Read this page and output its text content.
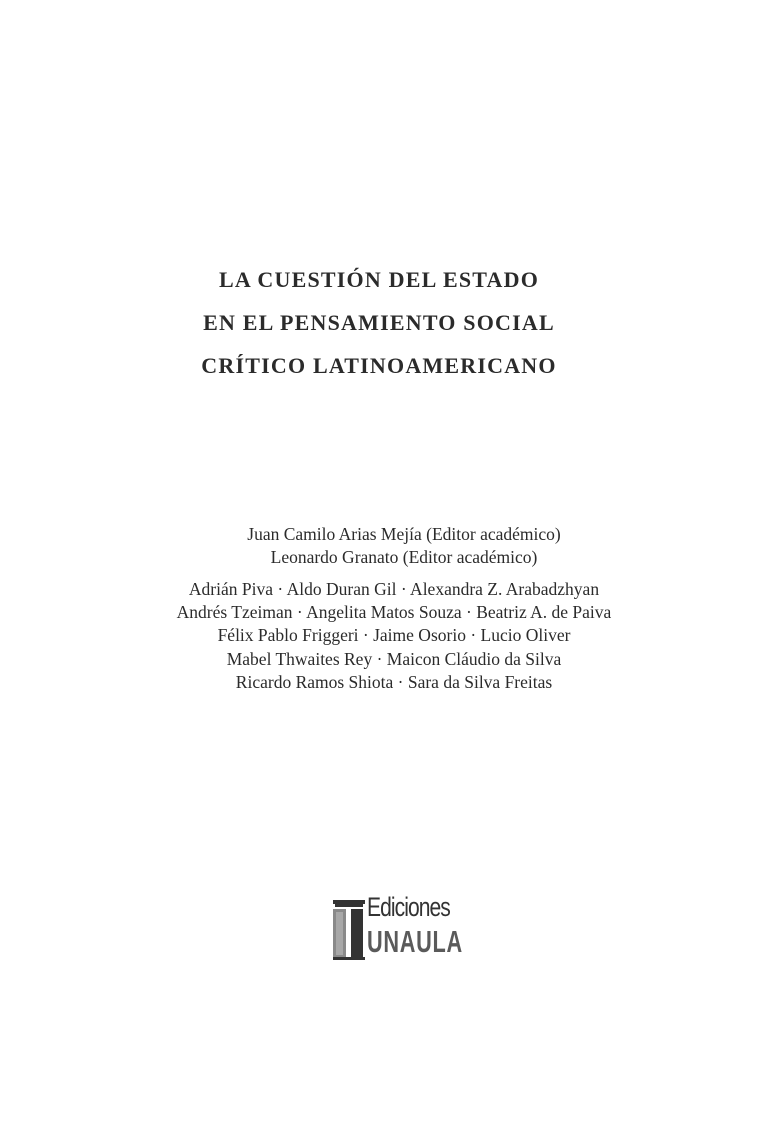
LA CUESTIÓN DEL ESTADO
EN EL PENSAMIENTO SOCIAL
CRÍTICO LATINOAMERICANO
Juan Camilo Arias Mejía (Editor académico)
Leonardo Granato (Editor académico)
Adrián Piva · Aldo Duran Gil · Alexandra Z. Arabadzhyan
Andrés Tzeiman · Angelita Matos Souza · Beatriz A. de Paiva
Félix Pablo Friggeri · Jaime Osorio · Lucio Oliver
Mabel Thwaites Rey · Maicon Cláudio da Silva
Ricardo Ramos Shiota · Sara da Silva Freitas
Ediciones
UNAULA
